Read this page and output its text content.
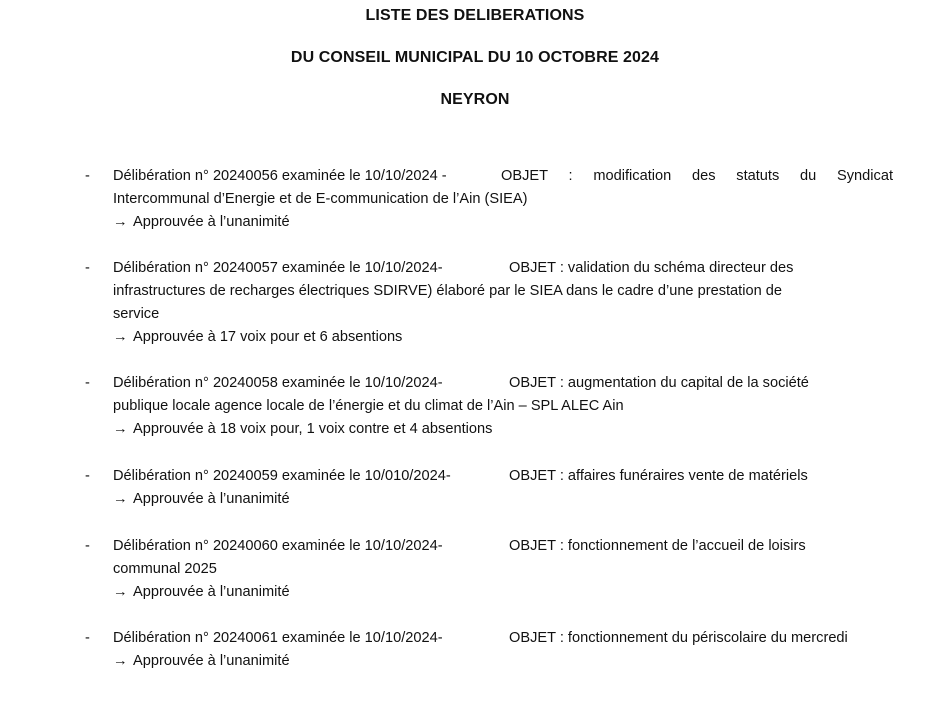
LISTE DES DELIBERATIONS
DU CONSEIL MUNICIPAL DU 10 OCTOBRE 2024
NEYRON
- Délibération n° 20240056 examinée le 10/10/2024 -	OBJET : modification des statuts du Syndicat
Intercommunal d’Energie et de E-communication de l’Ain (SIEA)
→ Approuvée à l’unanimité
- Délibération n° 20240057 examinée le 10/10/2024-	OBJET : validation du schéma directeur des
infrastructures de recharges électriques SDIRVE) élaboré par le SIEA dans le cadre d’une prestation de
service
→ Approuvée à 17 voix pour et 6 absentions
- Délibération n° 20240058 examinée le 10/10/2024-	OBJET : augmentation du capital de la société
publique locale agence locale de l’énergie et du climat de l’Ain – SPL ALEC Ain
→ Approuvée à 18 voix pour, 1 voix contre et 4 absentions
- Délibération n° 20240059 examinée le 10/010/2024-	OBJET : affaires funéraires vente de matériels
→ Approuvée à l’unanimité
- Délibération n° 20240060 examinée le 10/10/2024-	OBJET : fonctionnement de l’accueil de loisirs
communal 2025
→ Approuvée à l’unanimité
- Délibération n° 20240061 examinée le 10/10/2024-	OBJET : fonctionnement du périscolaire du mercredi
→ Approuvée à l’unanimité
